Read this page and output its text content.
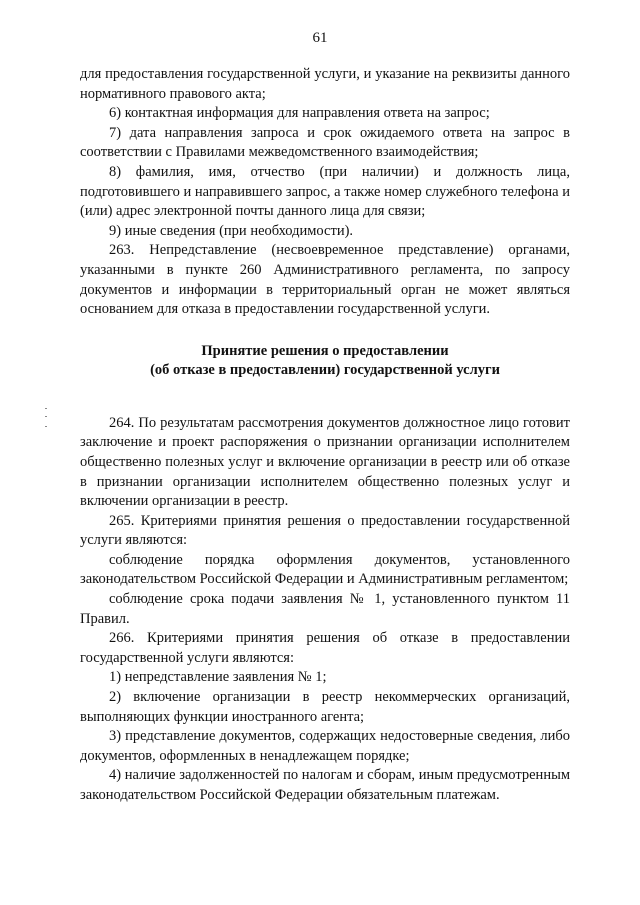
61

для предоставления государственной услуги, и указание на реквизиты данного нормативного правового акта;

6) контактная информация для направления ответа на запрос;

7) дата направления запроса и срок ожидаемого ответа на запрос в соответствии с Правилами межведомственного взаимодействия;

8) фамилия, имя, отчество (при наличии) и должность лица, подготовившего и направившего запрос, а также номер служебного телефона и (или) адрес электронной почты данного лица для связи;

9) иные сведения (при необходимости).

263. Непредставление (несвоевременное представление) органами, указанными в пункте 260 Административного регламента, по запросу документов и информации в территориальный орган не может являться основанием для отказа в предоставлении государственной услуги.

Принятие решения о предоставлении
(об отказе в предоставлении) государственной услуги

264. По результатам рассмотрения документов должностное лицо готовит заключение и проект распоряжения о признании организации исполнителем общественно полезных услуг и включение организации в реестр или об отказе в признании организации исполнителем общественно полезных услуг и включении организации в реестр.

265. Критериями принятия решения о предоставлении государственной услуги являются:

соблюдение порядка оформления документов, установленного законодательством Российской Федерации и Административным регламентом;

соблюдение срока подачи заявления № 1, установленного пунктом 11 Правил.

266. Критериями принятия решения об отказе в предоставлении государственной услуги являются:

1) непредставление заявления № 1;

2) включение организации в реестр некоммерческих организаций, выполняющих функции иностранного агента;

3) представление документов, содержащих недостоверные сведения, либо документов, оформленных в ненадлежащем порядке;

4) наличие задолженностей по налогам и сборам, иным предусмотренным законодательством Российской Федерации обязательным платежам.
